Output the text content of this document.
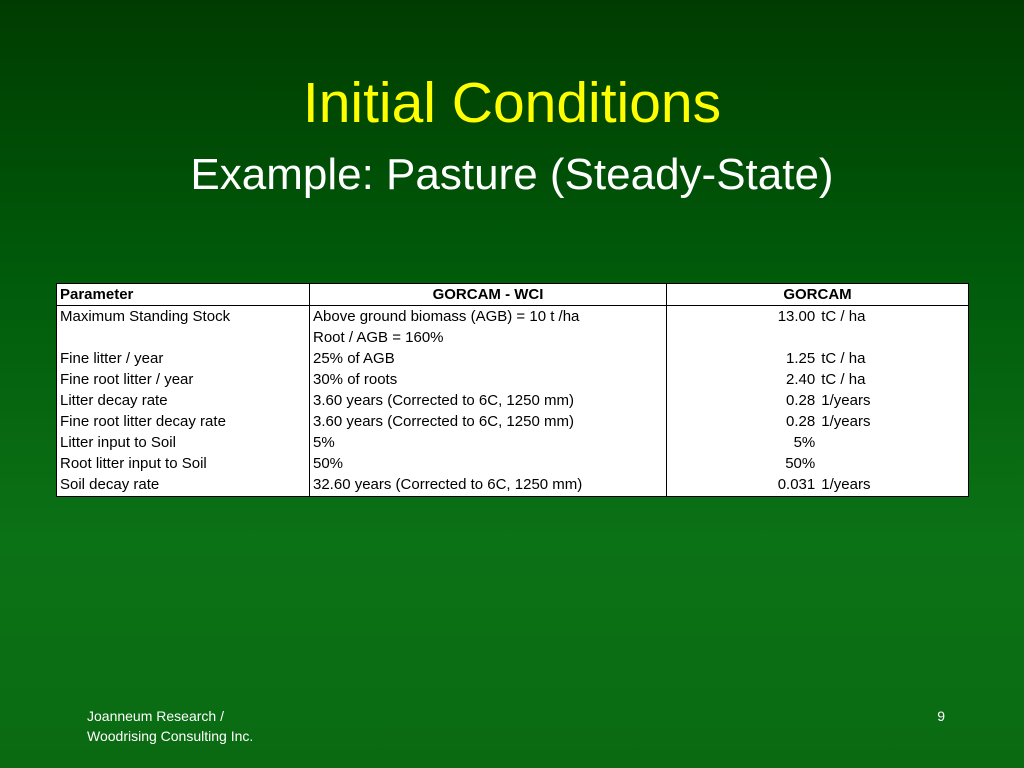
Initial Conditions
Example: Pasture (Steady-State)
Parameter	GORCAM - WCI	GORCAM	
Maximum Standing Stock	Above ground biomass (AGB) = 10 t /ha	13.00	tC / ha
	Root / AGB = 160%		
Fine litter / year	25% of AGB	1.25	tC / ha
Fine root litter / year	30% of roots	2.40	tC / ha
Litter decay rate	3.60 years (Corrected to 6C, 1250 mm)	0.28	1/years
Fine root litter decay rate	3.60 years (Corrected to 6C, 1250 mm)	0.28	1/years
Litter input to Soil	5%	5%	
Root litter input to Soil	50%	50%	
Soil decay rate	32.60 years (Corrected to 6C, 1250 mm)	0.031	1/years
Joanneum Research /
Woodrising Consulting Inc.
9
